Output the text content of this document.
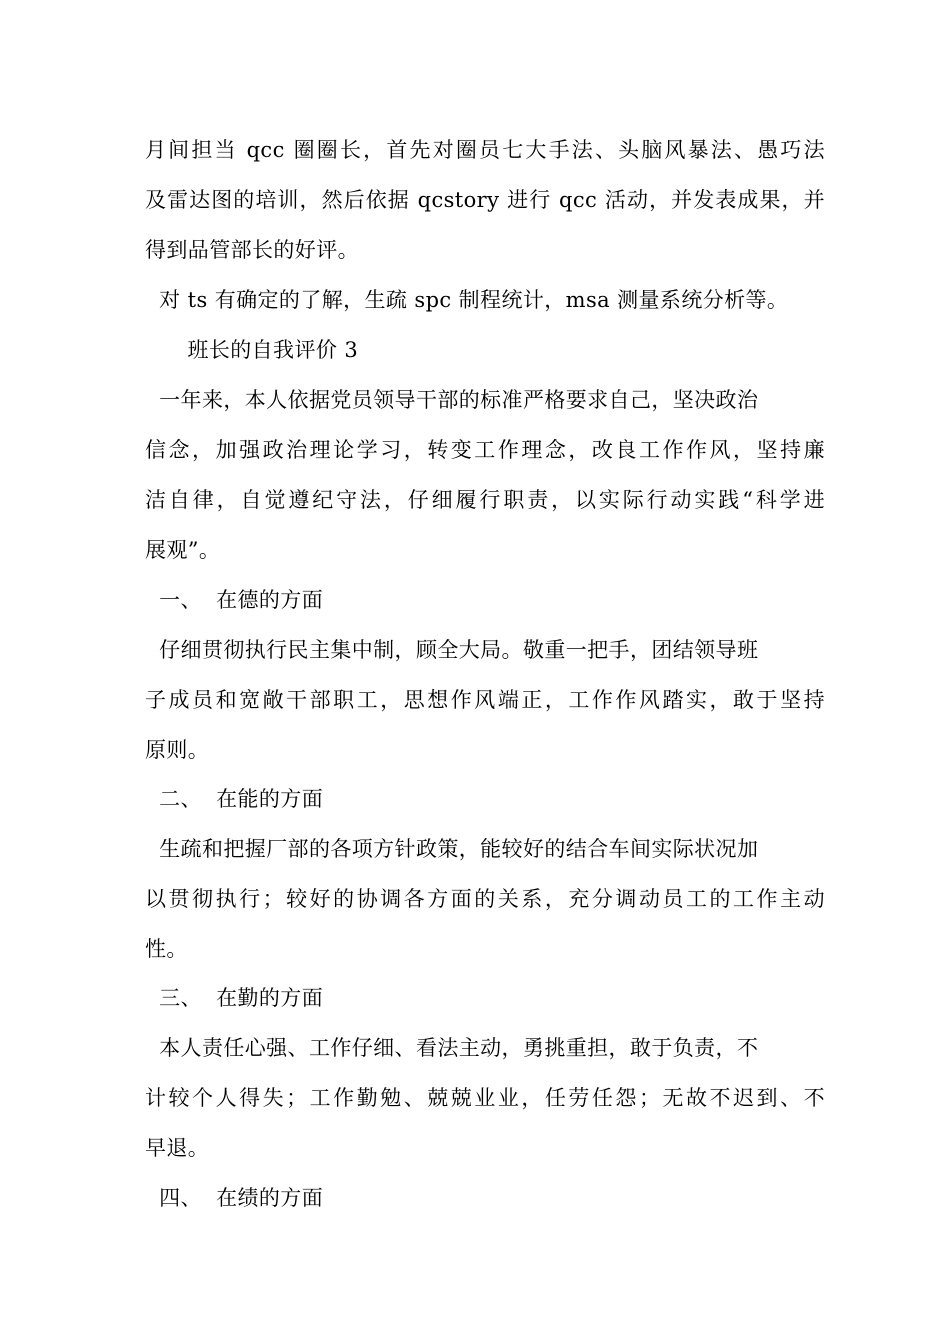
月间担当 qcc 圈圈长，首先对圈员七大手法、头脑风暴法、愚巧法
及雷达图的培训，然后依据 qcstory 进行 qcc 活动，并发表成果，并
得到品管部长的好评。
对 ts 有确定的了解，生疏 spc 制程统计，msa 测量系统分析等。
班长的自我评价 3
一年来，本人依据党员领导干部的标准严格要求自己，坚决政治
信念，加强政治理论学习，转变工作理念，改良工作作风，坚持廉
洁自律，自觉遵纪守法，仔细履行职责，以实际行动实践“科学进
展观”。
一、  在德的方面
仔细贯彻执行民主集中制，顾全大局。敬重一把手，团结领导班
子成员和宽敞干部职工，思想作风端正，工作作风踏实，敢于坚持
原则。
二、  在能的方面
生疏和把握厂部的各项方针政策，能较好的结合车间实际状况加
以贯彻执行；较好的协调各方面的关系，充分调动员工的工作主动
性。
三、  在勤的方面
本人责任心强、工作仔细、看法主动，勇挑重担，敢于负责，不
计较个人得失；工作勤勉、兢兢业业，任劳任怨；无故不迟到、不
早退。
四、  在绩的方面
